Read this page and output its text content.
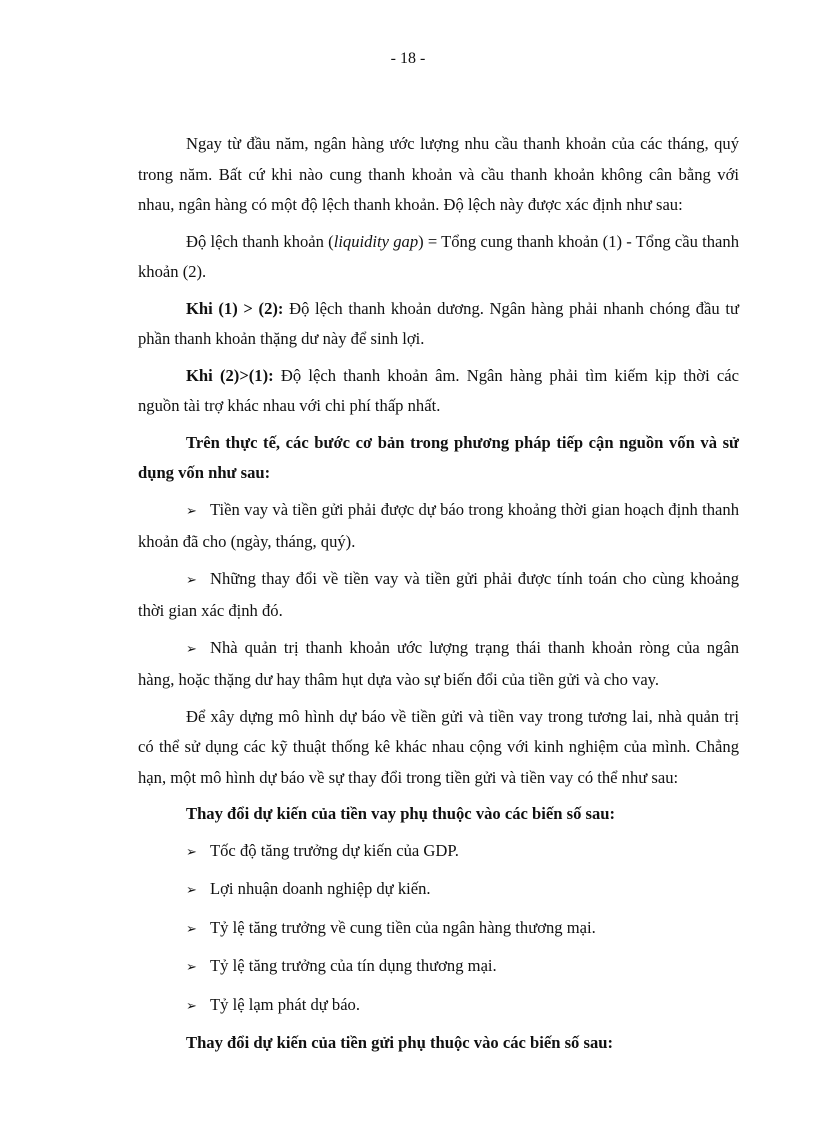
- 18 -

Ngay từ đầu năm, ngân hàng ước lượng nhu cầu thanh khoản của các tháng, quý trong năm. Bất cứ khi nào cung thanh khoản và cầu thanh khoản không cân bằng với nhau, ngân hàng có một độ lệch thanh khoản. Độ lệch này được xác định như sau:

Độ lệch thanh khoản (liquidity gap) = Tổng cung thanh khoản (1) - Tổng cầu thanh khoản (2).

Khi (1) > (2): Độ lệch thanh khoản dương. Ngân hàng phải nhanh chóng đầu tư phần thanh khoản thặng dư này để sinh lợi.

Khi (2)>(1): Độ lệch thanh khoản âm. Ngân hàng phải tìm kiếm kịp thời các nguồn tài trợ khác nhau với chi phí thấp nhất.

Trên thực tế, các bước cơ bản trong phương pháp tiếp cận nguồn vốn và sử dụng vốn như sau:

➢ Tiền vay và tiền gửi phải được dự báo trong khoảng thời gian hoạch định thanh khoản đã cho (ngày, tháng, quý).

➢ Những thay đổi về tiền vay và tiền gửi phải được tính toán cho cùng khoảng thời gian xác định đó.

➢ Nhà quản trị thanh khoản ước lượng trạng thái thanh khoản ròng của ngân hàng, hoặc thặng dư hay thâm hụt dựa vào sự biến đổi của tiền gửi và cho vay.

Để xây dựng mô hình dự báo về tiền gửi và tiền vay trong tương lai, nhà quản trị có thể sử dụng các kỹ thuật thống kê khác nhau cộng với kinh nghiệm của mình. Chẳng hạn, một mô hình dự báo về sự thay đổi trong tiền gửi và tiền vay có thể như sau:

Thay đổi dự kiến của tiền vay phụ thuộc vào các biến số sau:

➢ Tốc độ tăng trưởng dự kiến của GDP.

➢ Lợi nhuận doanh nghiệp dự kiến.

➢ Tỷ lệ tăng trưởng về cung tiền của ngân hàng thương mại.

➢ Tỷ lệ tăng trưởng của tín dụng thương mại.

➢ Tỷ lệ lạm phát dự báo.

Thay đổi dự kiến của tiền gửi phụ thuộc vào các biến số sau:
